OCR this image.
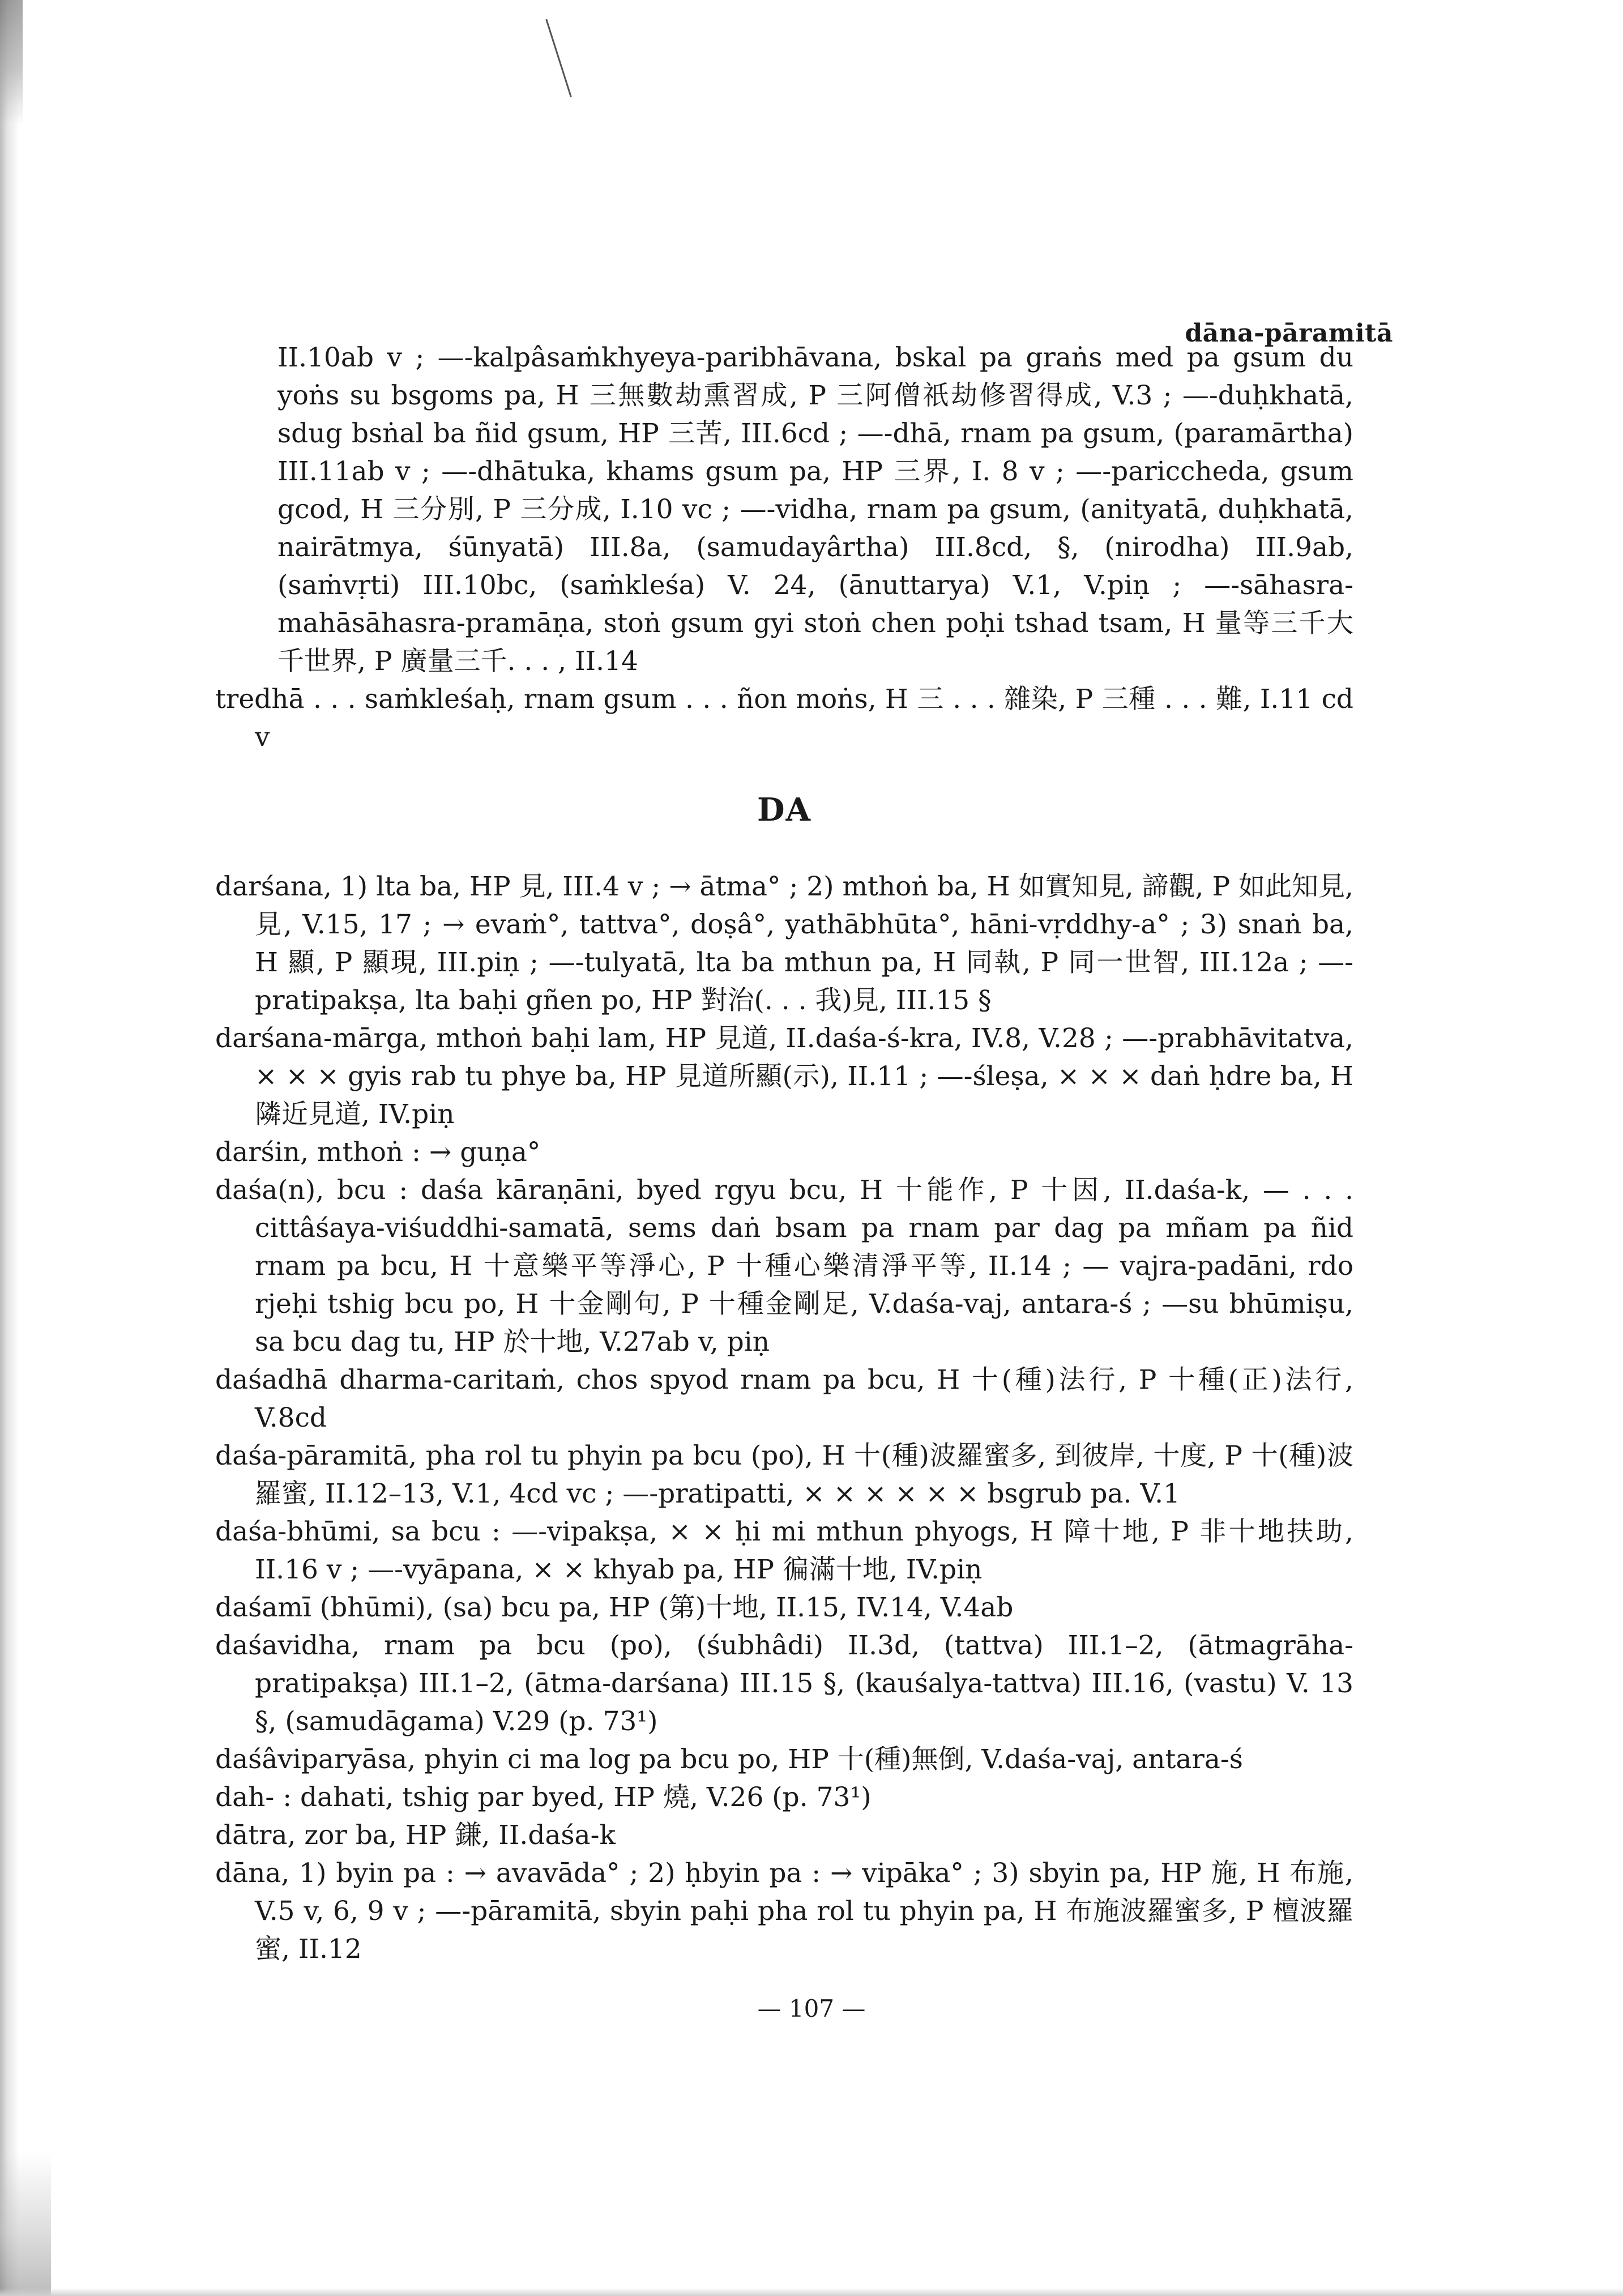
dāna-pāramitā

II.10ab v ; —-kalpâsaṁkhyeya-paribhāvana, bskal pa graṅs med pa gsum du yoṅs su bsgoms pa, H 三無數劫熏習成, P 三阿僧祇劫修習得成, V.3 ; —-duḥkhatā, sdug bsṅal ba ñid gsum, HP 三苦, III.6cd ; —-dhā, rnam pa gsum, (paramārtha) III.11ab v ; —-dhātuka, khams gsum pa, HP 三界, I. 8 v ; —-pariccheda, gsum gcod, H 三分別, P 三分成, I.10 vc ; —-vidha, rnam pa gsum, (anityatā, duḥkhatā, nairātmya, śūnyatā) III.8a, (samudayârtha) III.8cd, §, (nirodha) III.9ab, (saṁvṛti) III.10bc, (saṁkleśa) V. 24, (ānuttarya) V.1, V.piṇ ; —-sāhasra-mahāsāhasra-pramāṇa, stoṅ gsum gyi stoṅ chen poḥi tshad tsam, H 量等三千大千世界, P 廣量三千. . . , II.14

tredhā . . . saṁkleśaḥ, rnam gsum . . . ñon moṅs, H 三 . . . 雜染, P 三種 . . . 難, I.11 cd v

DA

darśana, 1) lta ba, HP 見, III.4 v ; → ātma° ; 2) mthoṅ ba, H 如實知見, 諦觀, P 如此知見, 見, V.15, 17 ; → evaṁ°, tattva°, doṣâ°, yathābhūta°, hāni-vṛddhy-a° ; 3) snaṅ ba, H 顯, P 顯現, III.piṇ ; —-tulyatā, lta ba mthun pa, H 同執, P 同一世智, III.12a ; —-pratipakṣa, lta baḥi gñen po, HP 對治(. . . 我)見, III.15 §

darśana-mārga, mthoṅ baḥi lam, HP 見道, II.daśa-ś-kra, IV.8, V.28 ; —-prabhāvitatva, × × × gyis rab tu phye ba, HP 見道所顯(示), II.11 ; —-śleṣa, × × × daṅ ḥdre ba, H 隣近見道, IV.piṇ

darśin, mthoṅ : → guṇa°

daśa(n), bcu : daśa kāraṇāni, byed rgyu bcu, H 十能作, P 十因, II.daśa-k, — . . . cittâśaya-viśuddhi-samatā, sems daṅ bsam pa rnam par dag pa mñam pa ñid rnam pa bcu, H 十意樂平等淨心, P 十種心樂清淨平等, II.14 ; — vajra-padāni, rdo rjeḥi tshig bcu po, H 十金剛句, P 十種金剛足, V.daśa-vaj, antara-ś ; —su bhūmiṣu, sa bcu dag tu, HP 於十地, V.27ab v, piṇ

daśadhā dharma-caritaṁ, chos spyod rnam pa bcu, H 十(種)法行, P 十種(正)法行, V.8cd

daśa-pāramitā, pha rol tu phyin pa bcu (po), H 十(種)波羅蜜多, 到彼岸, 十度, P 十(種)波羅蜜, II.12–13, V.1, 4cd vc ; —-pratipatti, × × × × × × bsgrub pa. V.1

daśa-bhūmi, sa bcu : —-vipakṣa, × × ḥi mi mthun phyogs, H 障十地, P 非十地扶助, II.16 v ; —-vyāpana, × × khyab pa, HP 徧滿十地, IV.piṇ

daśamī (bhūmi), (sa) bcu pa, HP (第)十地, II.15, IV.14, V.4ab

daśavidha, rnam pa bcu (po), (śubhâdi) II.3d, (tattva) III.1–2, (ātmagrāha-pratipakṣa) III.1–2, (ātma-darśana) III.15 §, (kauśalya-tattva) III.16, (vastu) V. 13 §, (samudāgama) V.29 (p. 73¹)

daśâviparyāsa, phyin ci ma log pa bcu po, HP 十(種)無倒, V.daśa-vaj, antara-ś

dah- : dahati, tshig par byed, HP 燒, V.26 (p. 73¹)

dātra, zor ba, HP 鎌, II.daśa-k

dāna, 1) byin pa : → avavāda° ; 2) ḥbyin pa : → vipāka° ; 3) sbyin pa, HP 施, H 布施, V.5 v, 6, 9 v ; —-pāramitā, sbyin paḥi pha rol tu phyin pa, H 布施波羅蜜多, P 檀波羅蜜, II.12

— 107 —
